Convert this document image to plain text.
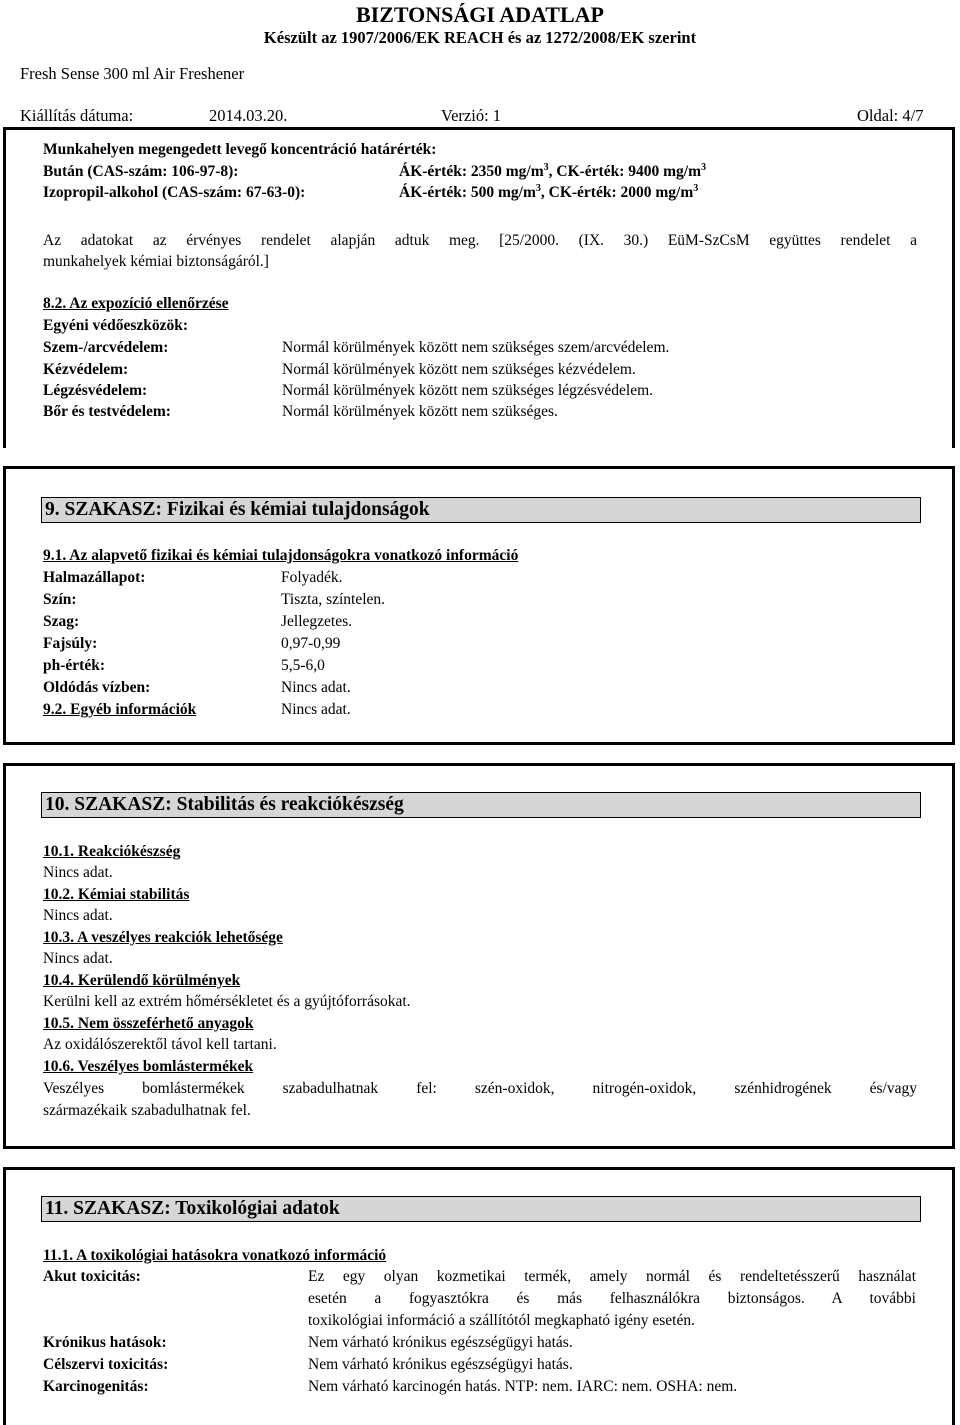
BIZTONSÁGI ADATLAP
Készült az 1907/2006/EK REACH és az 1272/2008/EK szerint
Fresh Sense 300 ml Air Freshener
Kiállítás dátuma:	2014.03.20.	Verzió: 1	Oldal: 4/7
Munkahelyen megengedett levegő koncentráció határérték:
Bután (CAS-szám: 106-97-8):	ÁK-érték: 2350 $mg/m^3$, CK-érték: 9400 $mg/m^3$
Izopropil-alkohol (CAS-szám: 67-63-0):	ÁK-érték: 500 $mg/m^3$, CK-érték: 2000 $mg/m^3$
Az adatokat az érvényes rendelet alapján adtuk meg. [25/2000. (IX. 30.) EüM-SzCsM együttes rendelet a
munkahelyek kémiai biztonságáról.]
8.2. Az expozíció ellenőrzése
Egyéni védőeszközök:
Szem-/arcvédelem:	Normál körülmények között nem szükséges szem/arcvédelem.
Kézvédelem:	Normál körülmények között nem szükséges kézvédelem.
Légzésvédelem:	Normál körülmények között nem szükséges légzésvédelem.
Bőr és testvédelem:	Normál körülmények között nem szükséges.
9. SZAKASZ: Fizikai és kémiai tulajdonságok
9.1. Az alapvető fizikai és kémiai tulajdonságokra vonatkozó információ
Halmazállapot:	Folyadék.
Szín:	Tiszta, színtelen.
Szag:	Jellegzetes.
Fajsúly:	0,97-0,99
ph-érték:	5,5-6,0
Oldódás vízben:	Nincs adat.
9.2. Egyéb információk	Nincs adat.
10. SZAKASZ: Stabilitás és reakciókészség
10.1. Reakciókészség
Nincs adat.
10.2. Kémiai stabilitás
Nincs adat.
10.3. A veszélyes reakciók lehetősége
Nincs adat.
10.4. Kerülendő körülmények
Kerülni kell az extrém hőmérsékletet és a gyújtóforrásokat.
10.5. Nem összeférhető anyagok
Az oxidálószerektől távol kell tartani.
10.6. Veszélyes bomlástermékek
Veszélyes bomlástermékek szabadulhatnak fel: szén-oxidok, nitrogén-oxidok, szénhidrogének és/vagy
származékaik szabadulhatnak fel.
11. SZAKASZ: Toxikológiai adatok
11.1. A toxikológiai hatásokra vonatkozó információ
Akut toxicitás:	Ez egy olyan kozmetikai termék, amely normál és rendeltetésszerű használat
esetén a fogyasztókra és más felhasználókra biztonságos. A további
toxikológiai információ a szállítótól megkapható igény esetén.
Krónikus hatások:	Nem várható krónikus egészségügyi hatás.
Célszervi toxicitás:	Nem várható krónikus egészségügyi hatás.
Karcinogenitás:	Nem várható karcinogén hatás. NTP: nem. IARC: nem. OSHA: nem.
